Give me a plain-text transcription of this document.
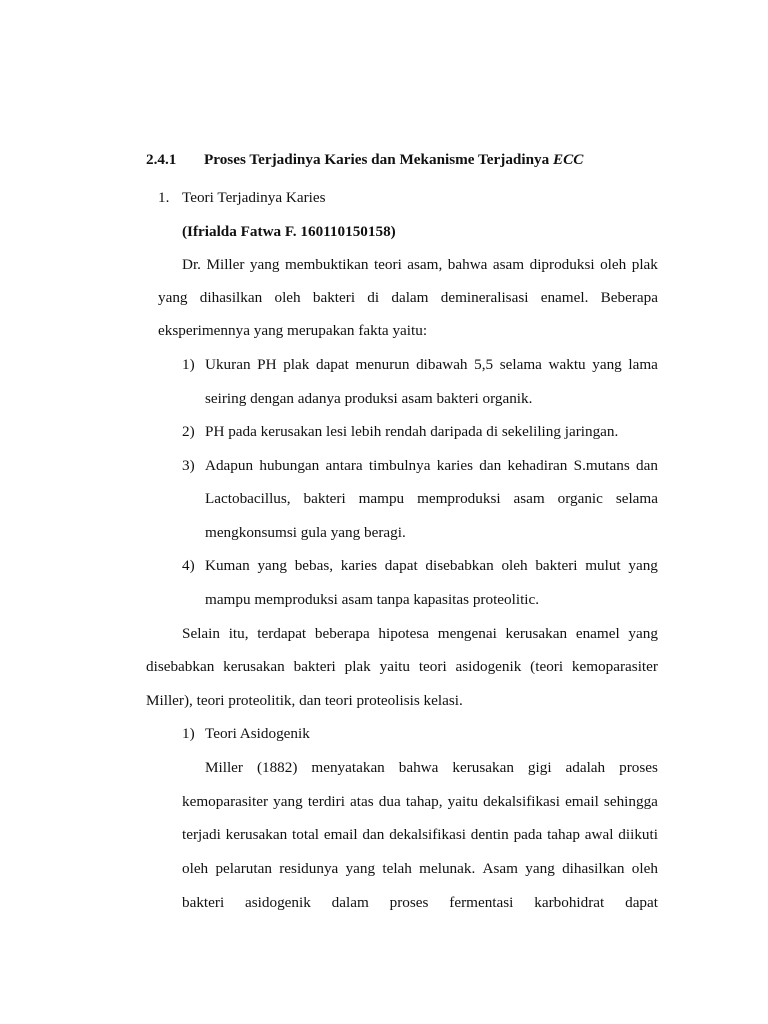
2.4.1 Proses Terjadinya Karies dan Mekanisme Terjadinya ECC
1. Teori Terjadinya Karies
(Ifrialda Fatwa F. 160110150158)
Dr. Miller yang membuktikan teori asam, bahwa asam diproduksi oleh plak
yang dihasilkan oleh bakteri di dalam demineralisasi enamel. Beberapa
eksperimennya yang merupakan fakta yaitu:
1) Ukuran PH plak dapat menurun dibawah 5,5 selama waktu yang lama
seiring dengan adanya produksi asam bakteri organik.
2) PH pada kerusakan lesi lebih rendah daripada di sekeliling jaringan.
3) Adapun hubungan antara timbulnya karies dan kehadiran S.mutans dan
Lactobacillus, bakteri mampu memproduksi asam organic selama
mengkonsumsi gula yang beragi.
4) Kuman yang bebas, karies dapat disebabkan oleh bakteri mulut yang
mampu memproduksi asam tanpa kapasitas proteolitic.
Selain itu, terdapat beberapa hipotesa mengenai kerusakan enamel yang
disebabkan kerusakan bakteri plak yaitu teori asidogenik (teori kemoparasiter
Miller), teori proteolitik, dan teori proteolisis kelasi.
1) Teori Asidogenik
Miller (1882) menyatakan bahwa kerusakan gigi adalah proses
kemoparasiter yang terdiri atas dua tahap, yaitu dekalsifikasi email sehingga
terjadi kerusakan total email dan dekalsifikasi dentin pada tahap awal diikuti
oleh pelarutan residunya yang telah melunak. Asam yang dihasilkan oleh
bakteri asidogenik dalam proses fermentasi karbohidrat dapat
